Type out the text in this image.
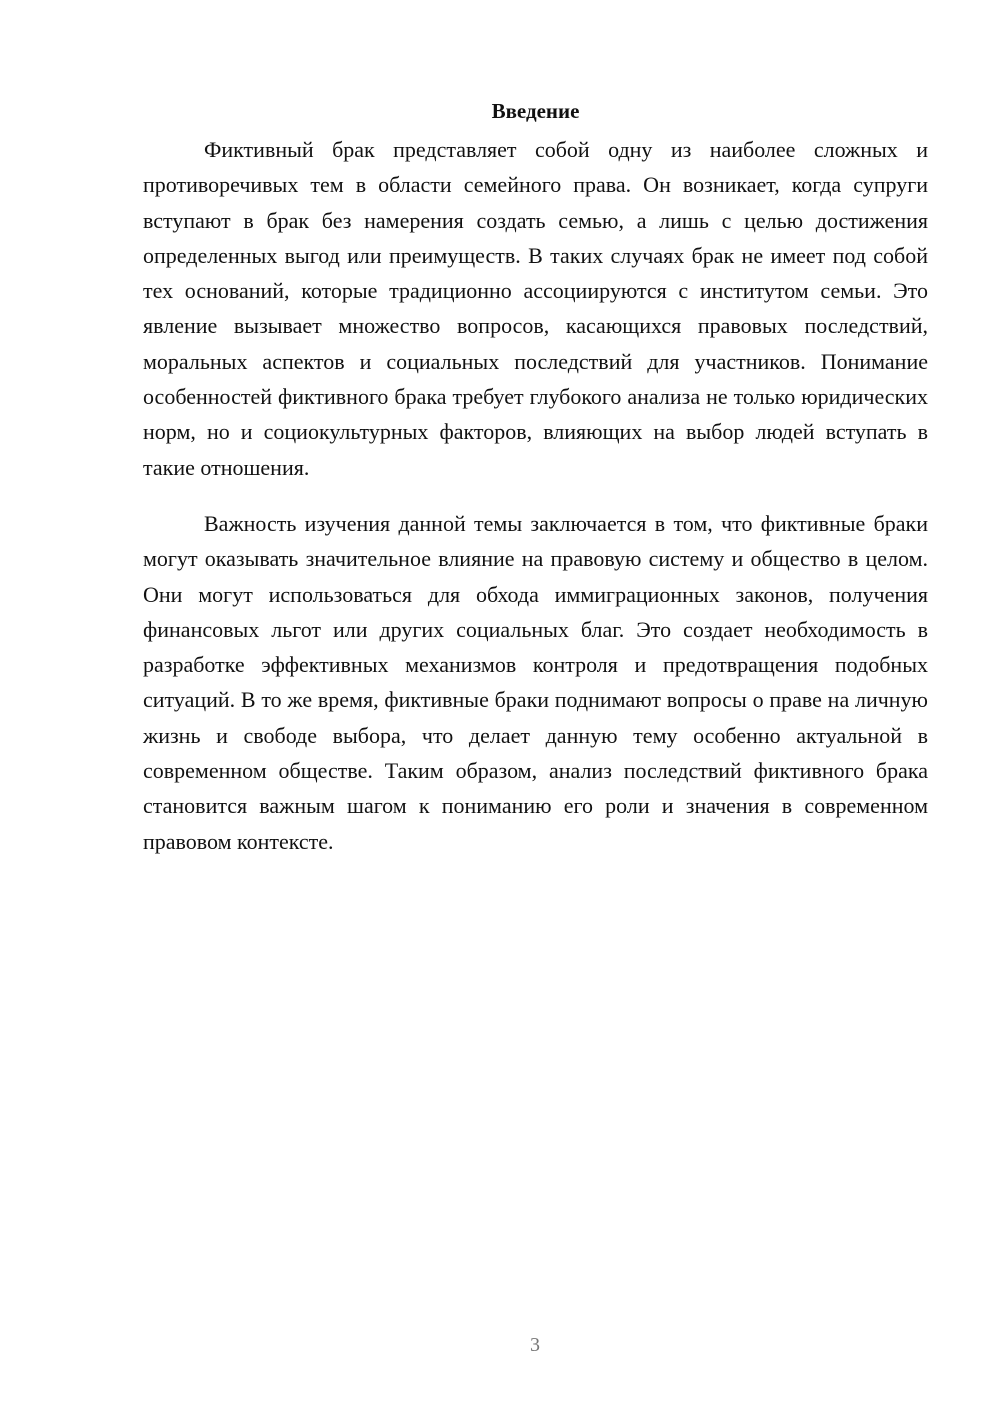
Введение

Фиктивный брак представляет собой одну из наиболее сложных и противоречивых тем в области семейного права. Он возникает, когда супруги вступают в брак без намерения создать семью, а лишь с целью достижения определенных выгод или преимуществ. В таких случаях брак не имеет под собой тех оснований, которые традиционно ассоциируются с институтом семьи. Это явление вызывает множество вопросов, касающихся правовых последствий, моральных аспектов и социальных последствий для участников. Понимание особенностей фиктивного брака требует глубокого анализа не только юридических норм, но и социокультурных факторов, влияющих на выбор людей вступать в такие отношения.

Важность изучения данной темы заключается в том, что фиктивные браки могут оказывать значительное влияние на правовую систему и общество в целом. Они могут использоваться для обхода иммиграционных законов, получения финансовых льгот или других социальных благ. Это создает необходимость в разработке эффективных механизмов контроля и предотвращения подобных ситуаций. В то же время, фиктивные браки поднимают вопросы о праве на личную жизнь и свободе выбора, что делает данную тему особенно актуальной в современном обществе. Таким образом, анализ последствий фиктивного брака становится важным шагом к пониманию его роли и значения в современном правовом контексте.

3
